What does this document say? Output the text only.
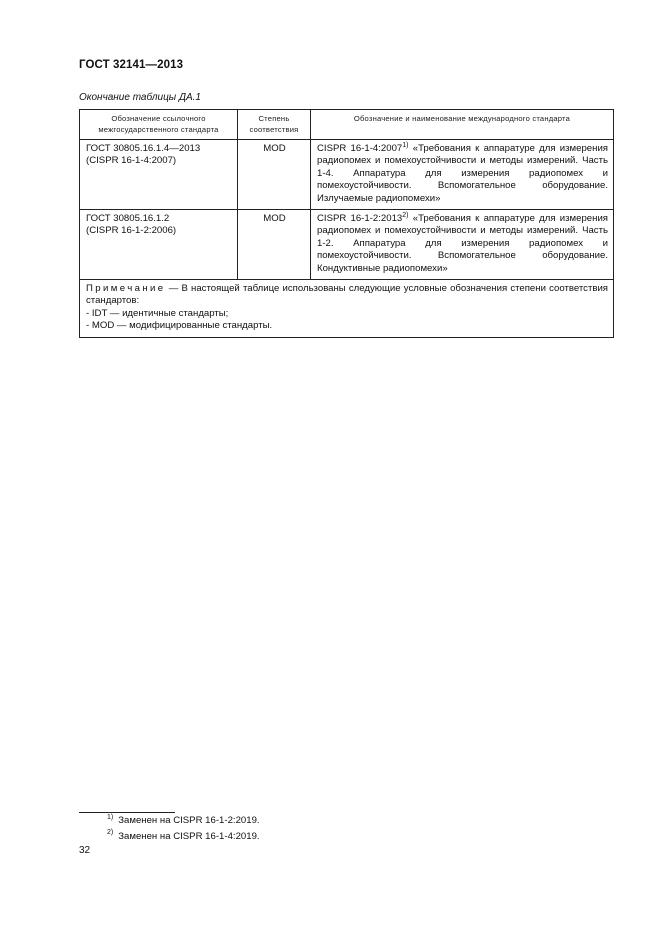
ГОСТ 32141—2013
Окончание таблицы ДА.1
Обозначение ссылочного межгосударственного стандарта	Степень соответствия	Обозначение и наименование международного стандарта

ГОСТ 30805.16.1.4—2013
(CISPR 16-1-4:2007)	MOD	CISPR 16-1-4:2007$^{1)}$ «Требования к аппаратуре для измерения радиопомех и помехоустойчивости и методы измерений. Часть 1-4. Аппаратура для измерения радиопомех и помехоустойчивости. Вспомогательное оборудование. Излучаемые радиопомехи»

ГОСТ 30805.16.1.2
(CISPR 16-1-2:2006)	MOD	CISPR 16-1-2:2013$^{2)}$ «Требования к аппаратуре для измерения радиопомех и помехоустойчивости и методы измерений. Часть 1-2. Аппаратура для измерения радиопомех и помехоустойчивости. Вспомогательное оборудование. Кондуктивные радиопомехи»

Примечание — В настоящей таблице использованы следующие условные обозначения степени соответствия стандартов:
- IDT — идентичные стандарты;
- MOD — модифицированные стандарты.		
$^{1)}$ Заменен на CISPR 16-1-2:2019.
$^{2)}$ Заменен на CISPR 16-1-4:2019.
32
